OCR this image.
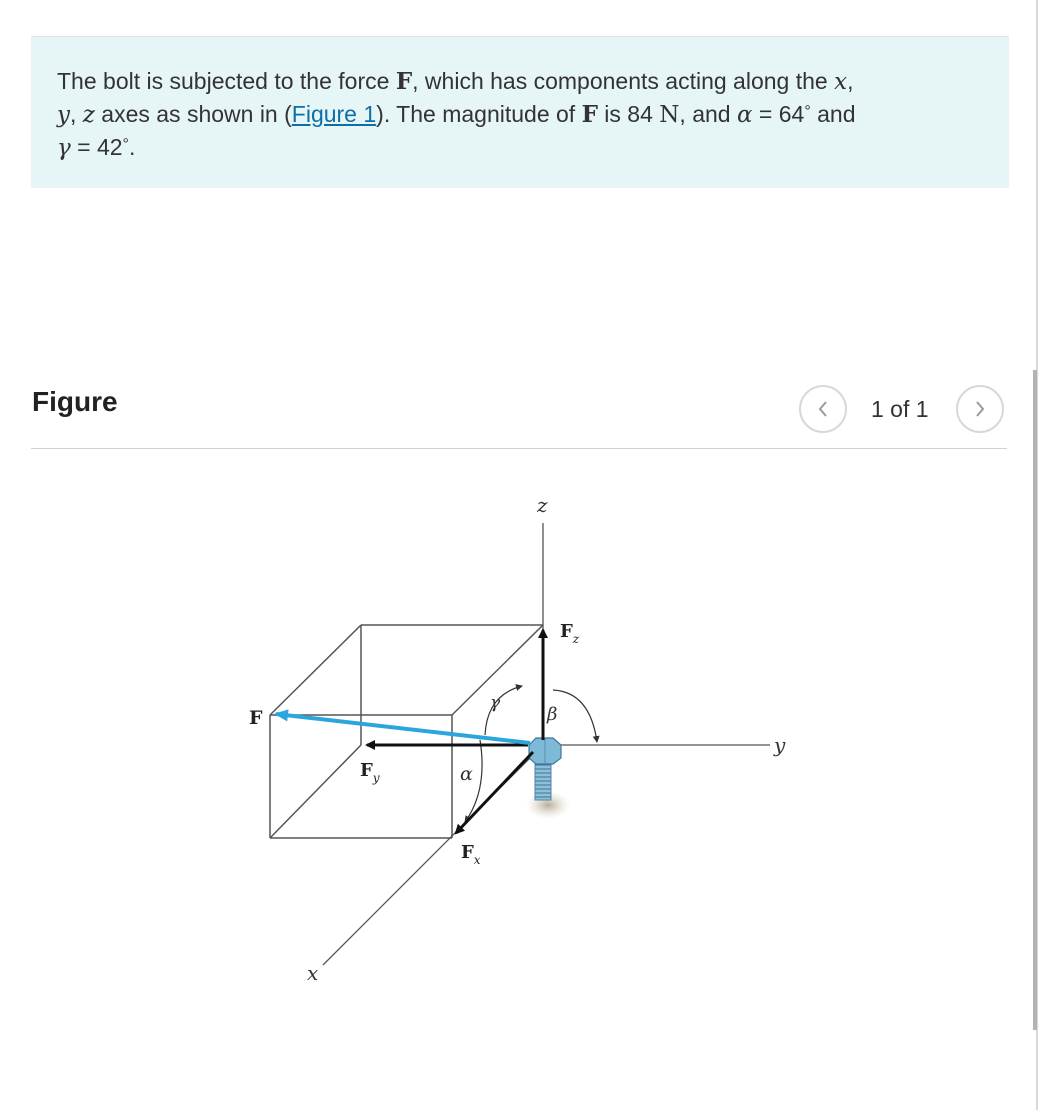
The bolt is subjected to the force F, which has components acting along the x,
y, z axes as shown in (Figure 1). The magnitude of F is 84 N, and α = 64° and
γ = 42°.
Figure	1 of 1
z
y
x
F
$F_z$
$F_y$
$F_x$
α
γ
β
